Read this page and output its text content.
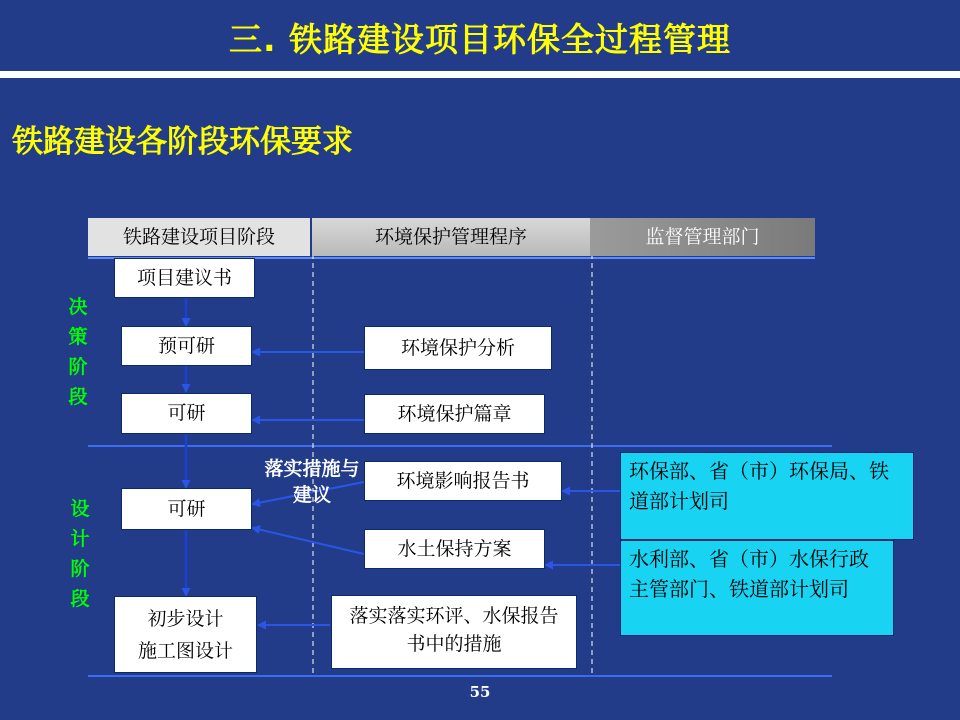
三. 铁路建设项目环保全过程管理
铁路建设各阶段环保要求
铁路建设项目阶段	环境保护管理程序	监督管理部门
决策阶段
设计阶段
项目建议书
预可研
可研
可研
初步设计
施工图设计
环境保护分析
环境保护篇章
环境影响报告书
水土保持方案
落实落实环评、水保报告书中的措施
落实措施与建议
环保部、省（市）环保局、铁道部计划司
水利部、省（市）水保行政主管部门、铁道部计划司
55
